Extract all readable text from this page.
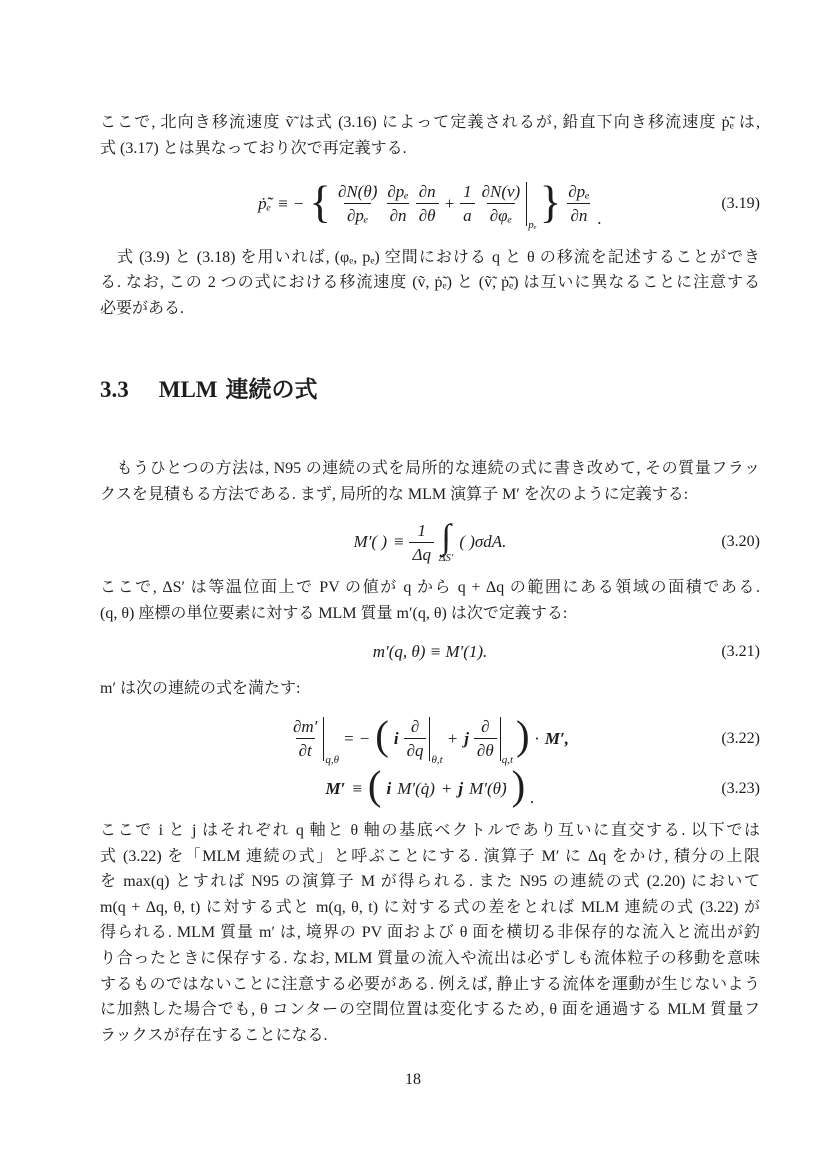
ここで, 北向き移流速度 ṽ̃ は式 (3.16) によって定義されるが, 鉛直下向き移流速度 ṗ̃̃ₑ は,
式 (3.17) とは異なっており次で再定義する.
ṗ̃̃ₑ ≡ − { $\frac{\partial N(\thetȧ)}{\text{∂pₑ}} \frac{\text{∂pₑ}}{\partial n} \frac{\partial n}{\partial\theta} + \frac{1}{a} \frac{\partial N(v)}{\text{∂φₑ}}$ pₑ } $\frac{\text{∂pₑ}}{\partial n}$ .
(3.19)
　式 (3.9) と (3.18) を用いれば, (φₑ, pₑ) 空間における q と θ の移流を記述することができ
る. なお, この 2 つの式における移流速度 (ṽ, ṗ̃ₑ) と (ṽ̃, ṗ̃̃ₑ) は互いに異なることに注意する
必要がある.
3.3 MLM 連続の式
　もうひとつの方法は, N95 の連続の式を局所的な連続の式に書き改めて, その質量フラッ
クスを見積もる方法である. まず, 局所的な MLM 演算子 M′ を次のように定義する:
M′( ) ≡ $\frac{1}{\Delta q}$ ∫
ΔS′
( )σdA.	(3.20)
ここで, ΔS′ は等温位面上で PV の値が q から q + Δq の範囲にある領域の面積である.
(q, θ) 座標の単位要素に対する MLM 質量 m′(q, θ) は次で定義する:
m′(q, θ) ≡ M′(1).	(3.21)
m′ は次の連続の式を満たす:
$\frac{\partial m'}{\partial t} q,\theta$
= − ( i $\frac{\partial}{\partial q} \theta,t$
+ j $\frac{\partial}{\partial\theta} q,t$
) · M′,	(3.22)
M′ ≡ ( i M′(q̇) + j M′(θ̇) ) .	(3.23)
ここで i と j はそれぞれ q 軸と θ 軸の基底ベクトルであり互いに直交する. 以下では
式 (3.22) を「MLM 連続の式」と呼ぶことにする. 演算子 M′ に Δq をかけ, 積分の上限
を max(q) とすれば N95 の演算子 M が得られる. また N95 の連続の式 (2.20) において
m(q + Δq, θ, t) に対する式と m(q, θ, t) に対する式の差をとれば MLM 連続の式 (3.22) が
得られる. MLM 質量 m′ は, 境界の PV 面および θ 面を横切る非保存的な流入と流出が釣
り合ったときに保存する. なお, MLM 質量の流入や流出は必ずしも流体粒子の移動を意味
するものではないことに注意する必要がある. 例えば, 静止する流体を運動が生じないよう
に加熱した場合でも, θ コンターの空間位置は変化するため, θ 面を通過する MLM 質量フ
ラックスが存在することになる.
18
